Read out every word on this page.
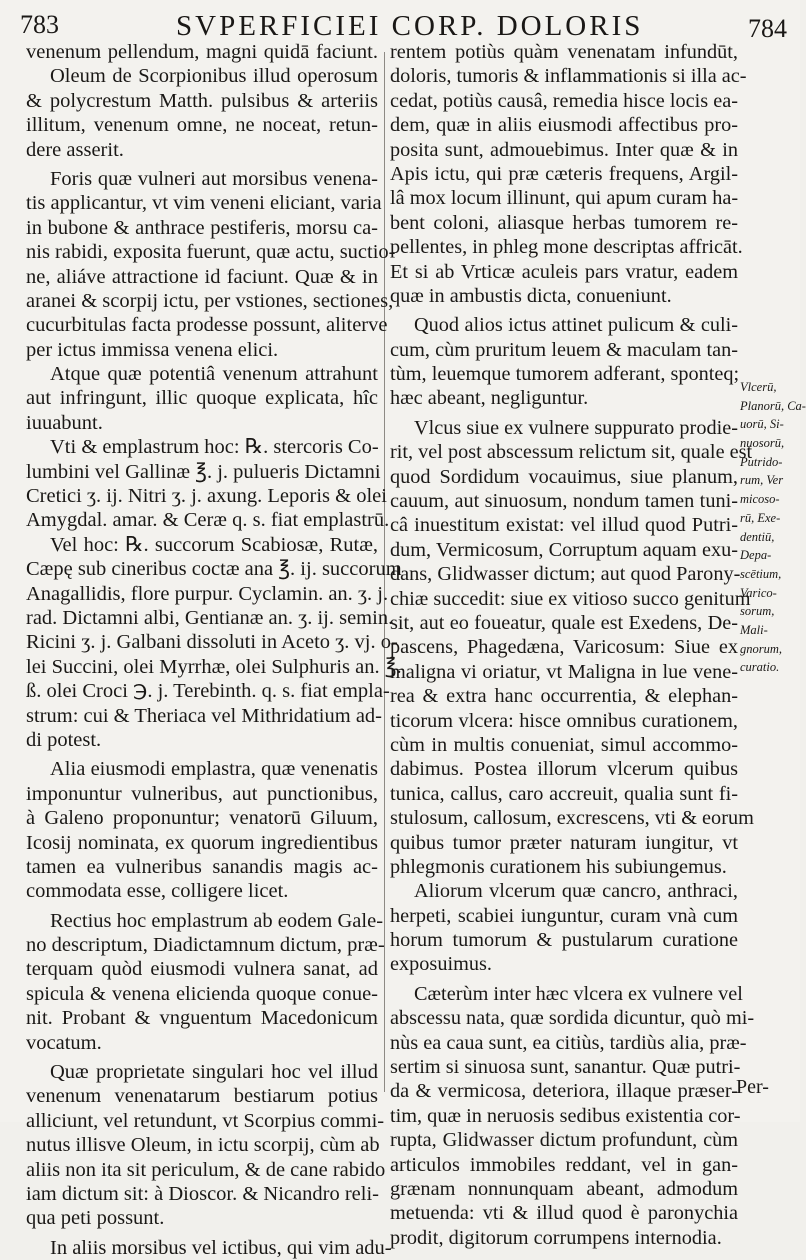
783	SVPERFICIEI CORP. DOLORIS	784
venenum pellendum, magni quidā faciunt.
Oleum de Scorpionibus illud operosum
& polycrestum Matth. pulsibus & arteriis
illitum, venenum omne, ne noceat, retun-
dere asserit.
Foris quæ vulneri aut morsibus venena-
tis applicantur, vt vim veneni eliciant, varia
in bubone & anthrace pestiferis, morsu ca-
nis rabidi, exposita fuerunt, quæ actu, suctio-
ne, aliáve attractione id faciunt. Quæ & in
aranei & scorpij ictu, per vstiones, sectiones,
cucurbitulas facta prodesse possunt, aliterve
per ictus immissa venena elici.
Atque quæ potentiâ venenum attrahunt
aut infringunt, illic quoque explicata, hîc
iuuabunt.
Vti & emplastrum hoc: ℞. stercoris Co-
lumbini vel Gallinæ ℥. j. pulueris Dictamni
Cretici ʒ. ij. Nitri ʒ. j. axung. Leporis & olei
Amygdal. amar. & Ceræ q. s. fiat emplastrū.
Vel hoc: ℞. succorum Scabiosæ, Rutæ,
Cæpę sub cineribus coctæ ana ℥. ij. succorum
Anagallidis, flore purpur. Cyclamin. an. ʒ. j.
rad. Dictamni albi, Gentianæ an. ʒ. ij. semin.
Ricini ʒ. j. Galbani dissoluti in Aceto ʒ. vj. o-
lei Succini, olei Myrrhæ, olei Sulphuris an. ℥.
ß. olei Croci ℈. j. Terebinth. q. s. fiat empla-
strum: cui & Theriaca vel Mithridatium ad-
di potest.
Alia eiusmodi emplastra, quæ venenatis
imponuntur vulneribus, aut punctionibus,
à Galeno proponuntur; venatorū Giluum,
Icosij nominata, ex quorum ingredientibus
tamen ea vulneribus sanandis magis ac-
commodata esse, colligere licet.
Rectius hoc emplastrum ab eodem Gale-
no descriptum, Diadictamnum dictum, præ-
terquam quòd eiusmodi vulnera sanat, ad
spicula & venena elicienda quoque conue-
nit. Probant & vnguentum Macedonicum
vocatum.
Quæ proprietate singulari hoc vel illud
venenum venenatarum bestiarum potius
alliciunt, vel retundunt, vt Scorpius commi-
nutus illisve Oleum, in ictu scorpij, cùm ab
aliis non ita sit periculum, & de cane rabido
iam dictum sit: à Dioscor. & Nicandro reli-
qua peti possunt.
In aliis morsibus vel ictibus, qui vim adu-
rentem potiùs quàm venenatam infundūt,
doloris, tumoris & inflammationis si illa ac-
cedat, potiùs causâ, remedia hisce locis ea-
dem, quæ in aliis eiusmodi affectibus pro-
posita sunt, admouebimus. Inter quæ & in
Apis ictu, qui præ cæteris frequens, Argil-
lâ mox locum illinunt, qui apum curam ha-
bent coloni, aliasque herbas tumorem re-
pellentes, in phleg mone descriptas affricāt.
Et si ab Vrticæ aculeis pars vratur, eadem
quæ in ambustis dicta, conueniunt.
Quod alios ictus attinet pulicum & culi-
cum, cùm pruritum leuem & maculam tan-
tùm, leuemque tumorem adferant, sponteq;
hæc abeant, negliguntur.
Vlcus siue ex vulnere suppurato prodie-
rit, vel post abscessum relictum sit, quale est
quod Sordidum vocauimus, siue planum,
cauum, aut sinuosum, nondum tamen tuni-
câ inuestitum existat: vel illud quod Putri-
dum, Vermicosum, Corruptum aquam exu-
dans, Glidwasser dictum; aut quod Parony-
chiæ succedit: siue ex vitioso succo genitum
sit, aut eo foueatur, quale est Exedens, De-
pascens, Phagedæna, Varicosum: Siue ex
maligna vi oriatur, vt Maligna in lue vene-
rea & extra hanc occurrentia, & elephan-
ticorum vlcera: hisce omnibus curationem,
cùm in multis conueniat, simul accommo-
dabimus. Postea illorum vlcerum quibus
tunica, callus, caro accreuit, qualia sunt fi-
stulosum, callosum, excrescens, vti & eorum
quibus tumor præter naturam iungitur, vt
phlegmonis curationem his subiungemus.
Aliorum vlcerum quæ cancro, anthraci,
herpeti, scabiei iunguntur, curam vnà cum
horum tumorum & pustularum curatione
exposuimus.
Cæterùm inter hæc vlcera ex vulnere vel
abscessu nata, quæ sordida dicuntur, quò mi-
nùs ea caua sunt, ea citiùs, tardiùs alia, præ-
sertim si sinuosa sunt, sanantur. Quæ putri-
da & vermicosa, deteriora, illaque præser-
tim, quæ in neruosis sedibus existentia cor-
rupta, Glidwasser dictum profundunt, cùm
articulos immobiles reddant, vel in gan-
grænam nonnunquam abeant, admodum
metuenda: vti & illud quod è paronychia
prodit, digitorum corrumpens internodia.
Vlcerū,
Planorū, Ca-
uorū, Si-
nuosorū,
Putrido-
rum, Ver
micoso-
rū, Exe-
dentiū,
Depa-
scētium,
Varico-
sorum,
Mali-
gnorum,
curatio.
Per-
